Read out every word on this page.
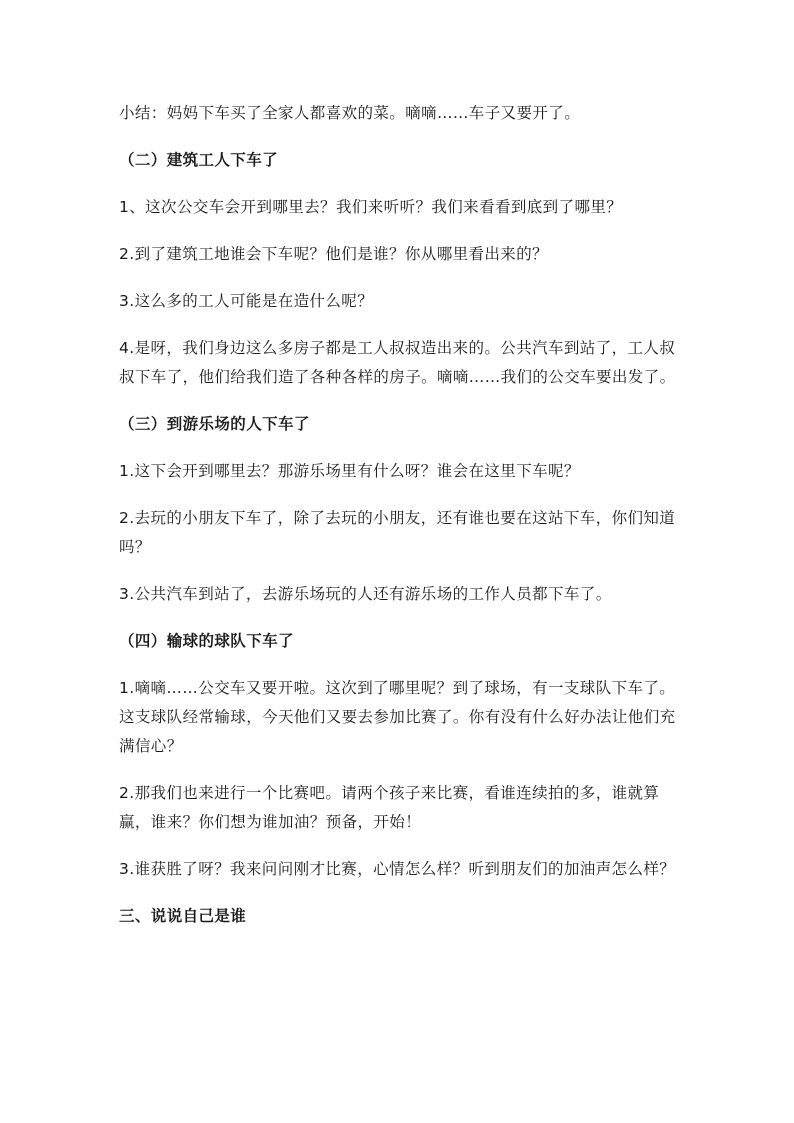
小结：妈妈下车买了全家人都喜欢的菜。嘀嘀……车子又要开了。

（二）建筑工人下车了

1、这次公交车会开到哪里去？我们来听听？我们来看看到底到了哪里？

2.到了建筑工地谁会下车呢？他们是谁？你从哪里看出来的？

3.这么多的工人可能是在造什么呢？

4.是呀，我们身边这么多房子都是工人叔叔造出来的。公共汽车到站了，工人叔叔下车了，他们给我们造了各种各样的房子。嘀嘀……我们的公交车要出发了。

（三）到游乐场的人下车了

1.这下会开到哪里去？那游乐场里有什么呀？谁会在这里下车呢？

2.去玩的小朋友下车了，除了去玩的小朋友，还有谁也要在这站下车，你们知道吗？

3.公共汽车到站了，去游乐场玩的人还有游乐场的工作人员都下车了。

（四）输球的球队下车了

1.嘀嘀……公交车又要开啦。这次到了哪里呢？到了球场，有一支球队下车了。这支球队经常输球，今天他们又要去参加比赛了。你有没有什么好办法让他们充满信心？

2.那我们也来进行一个比赛吧。请两个孩子来比赛，看谁连续拍的多，谁就算赢，谁来？你们想为谁加油？预备，开始！

3.谁获胜了呀？我来问问刚才比赛，心情怎么样？听到朋友们的加油声怎么样？

三、说说自己是谁
